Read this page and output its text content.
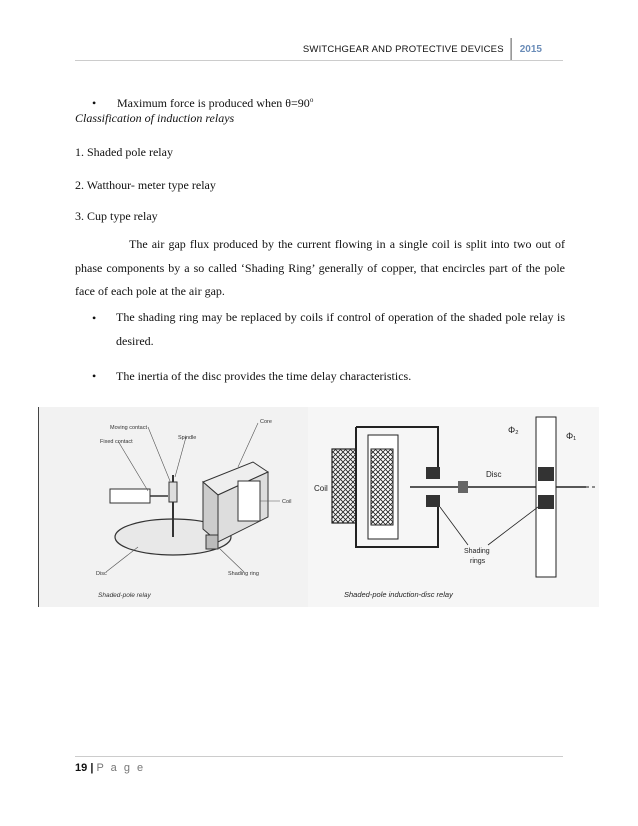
SWITCHGEAR AND PROTECTIVE DEVICES	2015
• Maximum force is produced when $\theta=90^o$
Classification of induction relays
1. Shaded pole relay
2. Watthour- meter type relay
3. Cup type relay
The air gap flux produced by the current flowing in a single coil is split into two out of phase components by a so called ‘Shading Ring’ generally of copper, that encircles part of the pole face of each pole at the air gap.
• The shading ring may be replaced by coils if control of operation of the shaded pole relay is desired.
• The inertia of the disc provides the time delay characteristics.
Moving contact
Fixed contact
Spindle
Core
Coil
Disc	Shading ring
Shaded-pole relay
Coil
Disc
Φ₂
Φ₁
Shading
rings
Shaded-pole induction-disc relay
19 | P a g e
